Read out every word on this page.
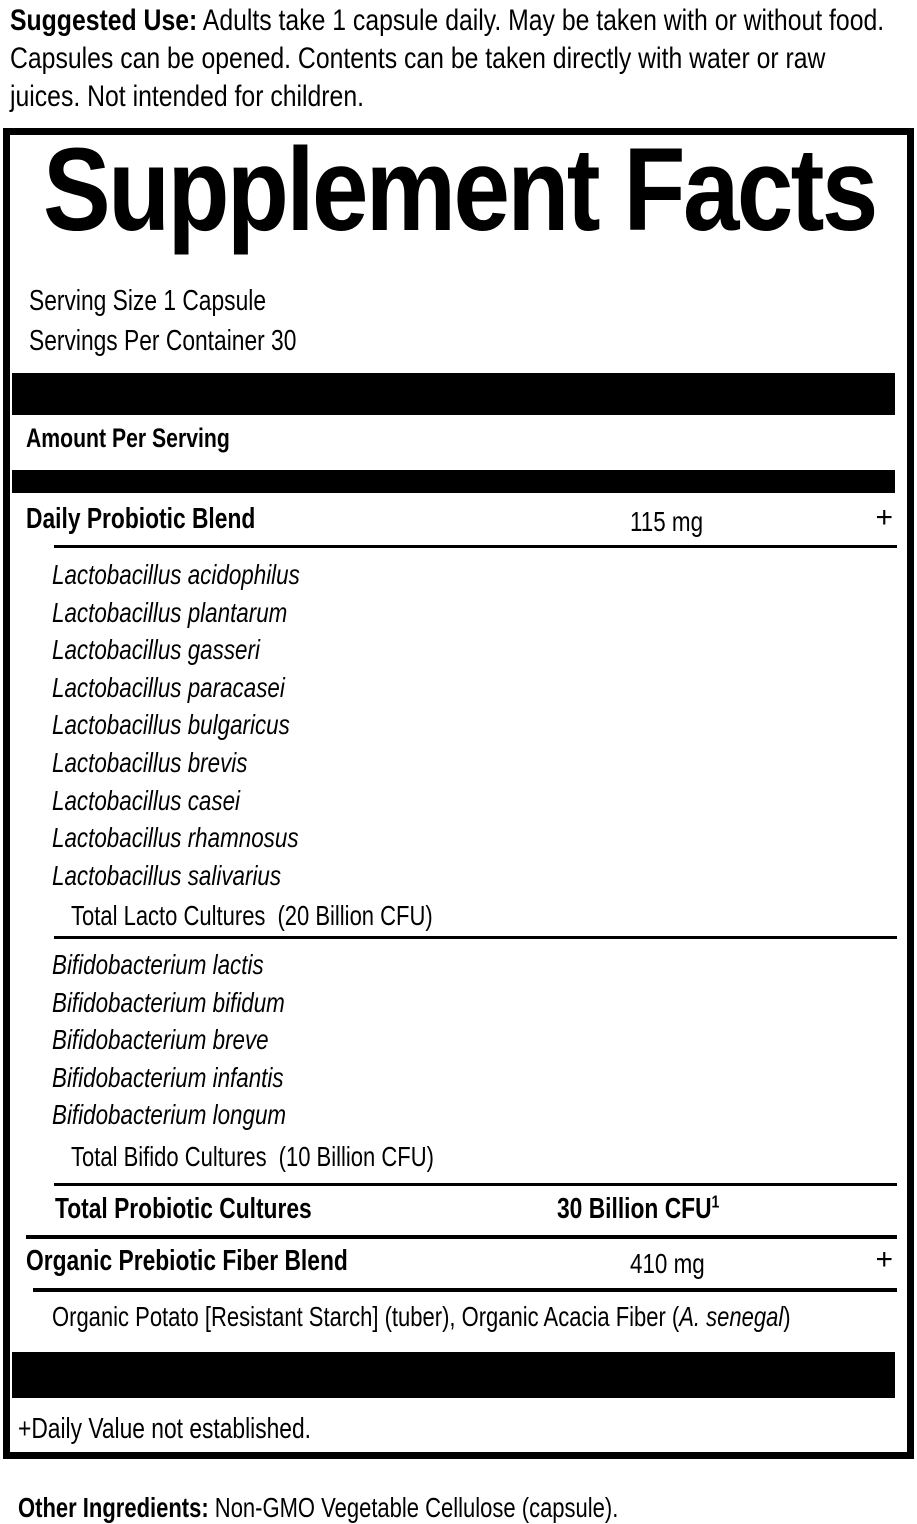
Suggested Use: Adults take 1 capsule daily. May be taken with or without food. Capsules can be opened. Contents can be taken directly with water or raw juices. Not intended for children.

Supplement Facts
Serving Size 1 Capsule
Servings Per Container 30
Amount Per Serving
Daily Probiotic Blend	115 mg	+
Lactobacillus acidophilus
Lactobacillus plantarum
Lactobacillus gasseri
Lactobacillus paracasei
Lactobacillus bulgaricus
Lactobacillus brevis
Lactobacillus casei
Lactobacillus rhamnosus
Lactobacillus salivarius
Total Lacto Cultures (20 Billion CFU)
Bifidobacterium lactis
Bifidobacterium bifidum
Bifidobacterium breve
Bifidobacterium infantis
Bifidobacterium longum
Total Bifido Cultures (10 Billion CFU)
Total Probiotic Cultures	30 Billion CFU$^1$
Organic Prebiotic Fiber Blend	410 mg	+
Organic Potato [Resistant Starch] (tuber), Organic Acacia Fiber (A. senegal)
+Daily Value not established.

Other Ingredients: Non-GMO Vegetable Cellulose (capsule).
